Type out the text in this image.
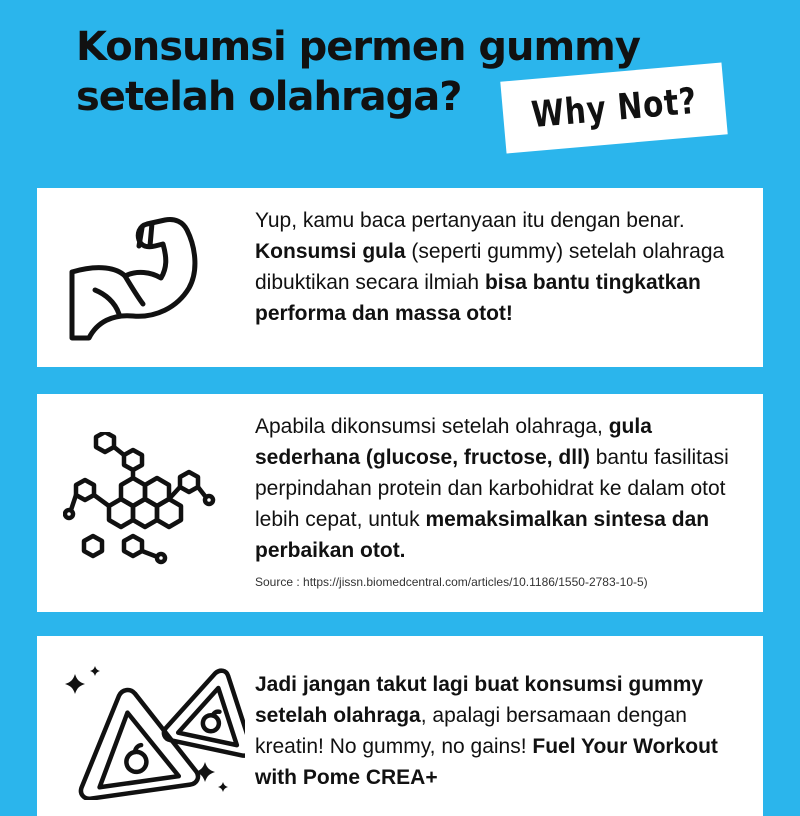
Konsumsi permen gummy
setelah olahraga?	Why Not?
Yup, kamu baca pertanyaan itu dengan benar. Konsumsi gula (seperti gummy) setelah olahraga dibuktikan secara ilmiah bisa bantu tingkatkan performa dan massa otot!
Apabila dikonsumsi setelah olahraga, gula sederhana (glucose, fructose, dll) bantu fasilitasi perpindahan protein dan karbohidrat ke dalam otot lebih cepat, untuk memaksimalkan sintesa dan perbaikan otot.
Source : https://jissn.biomedcentral.com/articles/10.1186/1550-2783-10-5)
Jadi jangan takut lagi buat konsumsi gummy setelah olahraga, apalagi bersamaan dengan kreatin! No gummy, no gains! Fuel Your Workout with Pome CREA+
